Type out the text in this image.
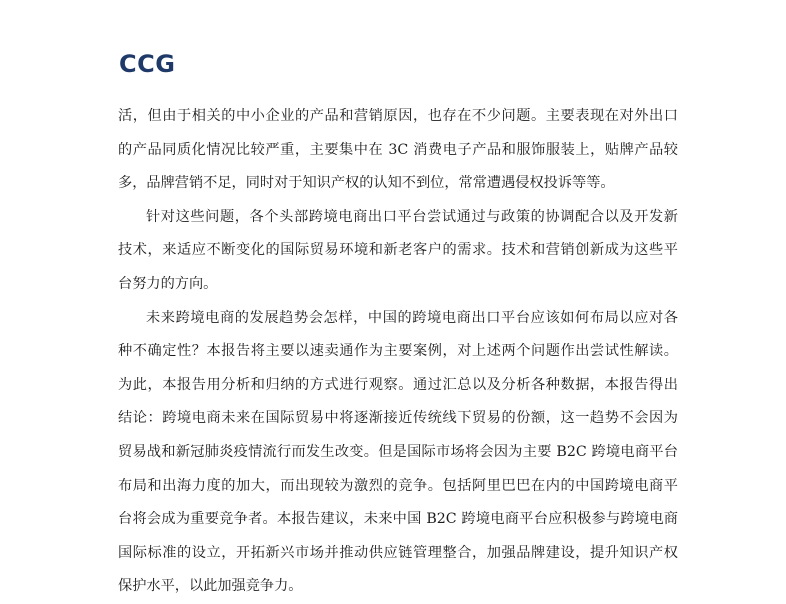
CCG
活，但由于相关的中小企业的产品和营销原因，也存在不少问题。主要表现在对外出口
的产品同质化情况比较严重，主要集中在 3C 消费电子产品和服饰服装上，贴牌产品较
多，品牌营销不足，同时对于知识产权的认知不到位，常常遭遇侵权投诉等等。
针对这些问题，各个头部跨境电商出口平台尝试通过与政策的协调配合以及开发新
技术，来适应不断变化的国际贸易环境和新老客户的需求。技术和营销创新成为这些平
台努力的方向。
未来跨境电商的发展趋势会怎样，中国的跨境电商出口平台应该如何布局以应对各
种不确定性？本报告将主要以速卖通作为主要案例，对上述两个问题作出尝试性解读。
为此，本报告用分析和归纳的方式进行观察。通过汇总以及分析各种数据，本报告得出
结论：跨境电商未来在国际贸易中将逐渐接近传统线下贸易的份额，这一趋势不会因为
贸易战和新冠肺炎疫情流行而发生改变。但是国际市场将会因为主要 B2C 跨境电商平台
布局和出海力度的加大，而出现较为激烈的竞争。包括阿里巴巴在内的中国跨境电商平
台将会成为重要竞争者。本报告建议，未来中国 B2C 跨境电商平台应积极参与跨境电商
国际标准的设立，开拓新兴市场并推动供应链管理整合，加强品牌建设，提升知识产权
保护水平，以此加强竞争力。
